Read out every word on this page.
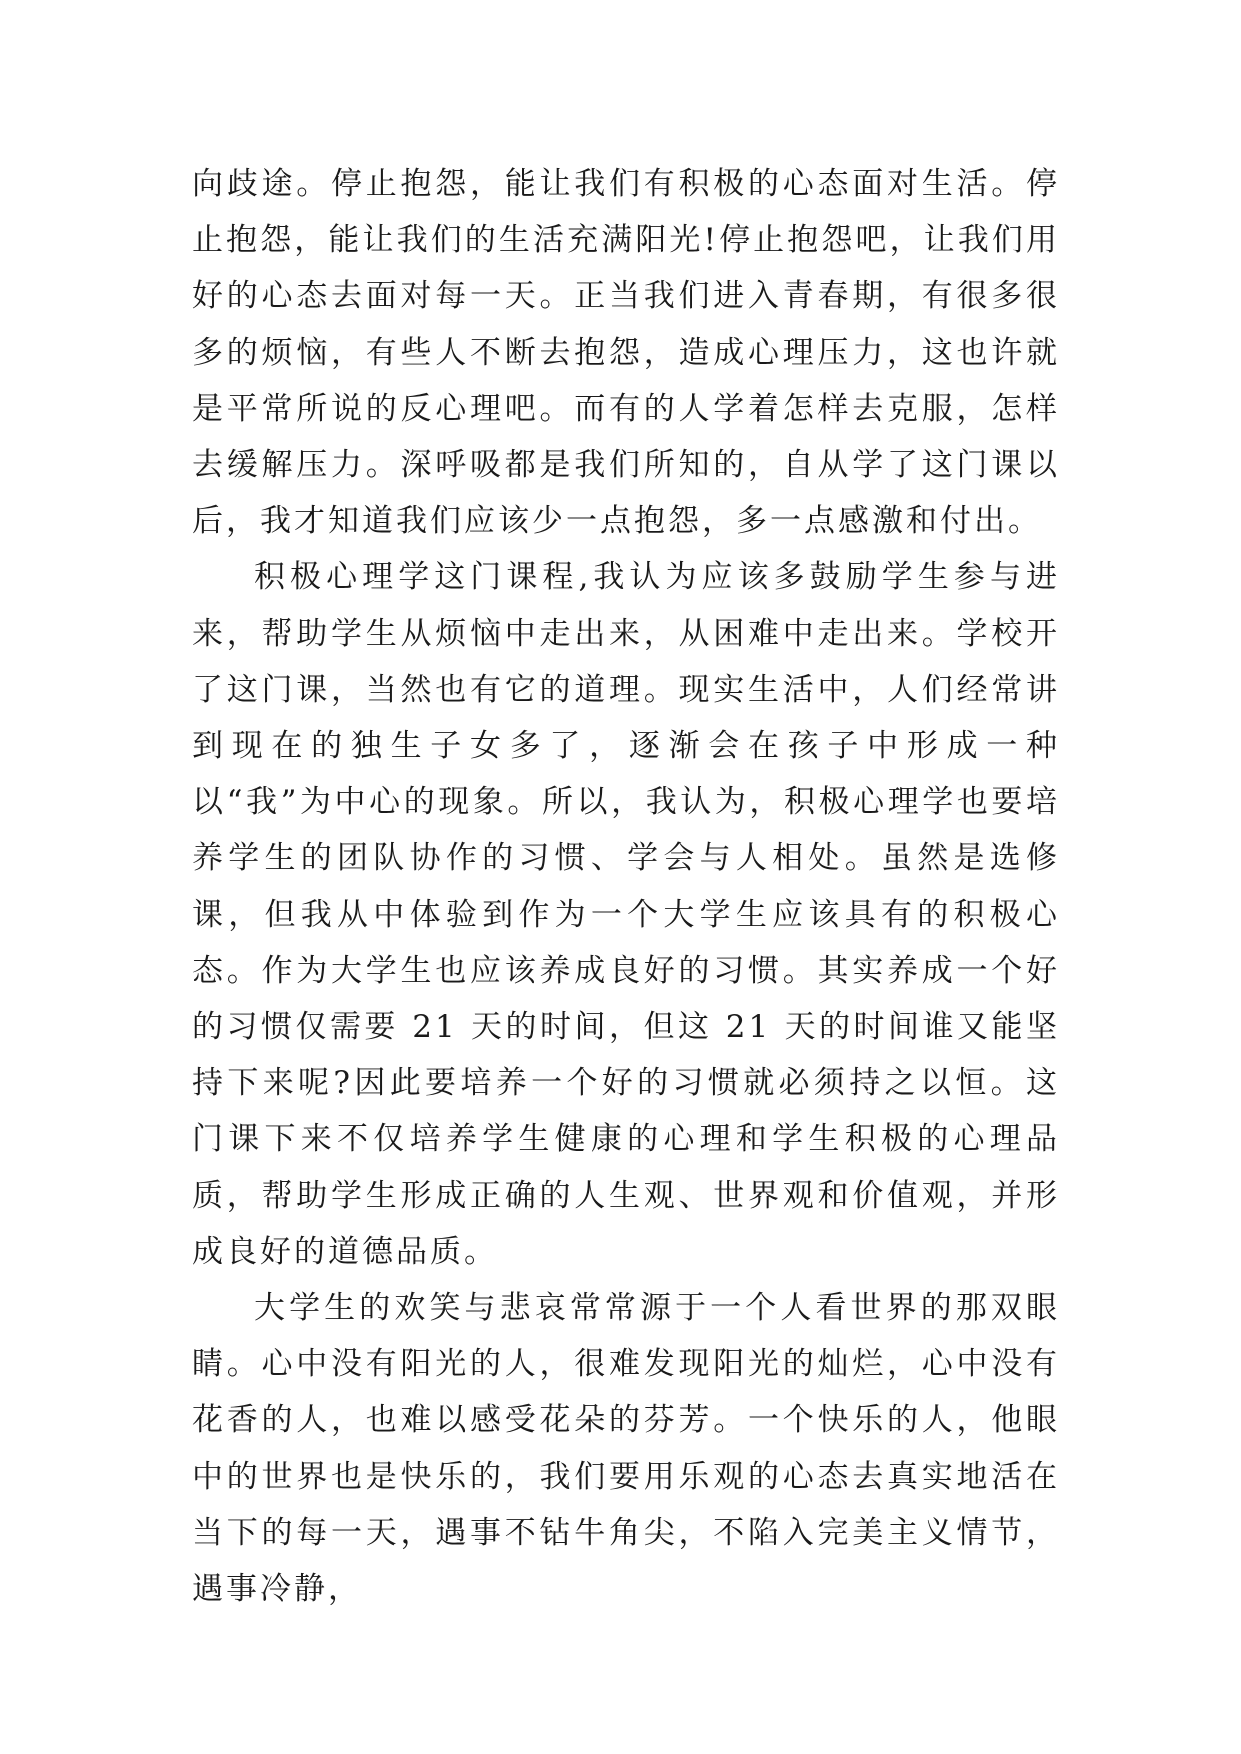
向歧途。停止抱怨，能让我们有积极的心态面对生活。停止抱怨，能让我们的生活充满阳光!停止抱怨吧，让我们用好的心态去面对每一天。正当我们进入青春期，有很多很多的烦恼，有些人不断去抱怨，造成心理压力，这也许就是平常所说的反心理吧。而有的人学着怎样去克服，怎样去缓解压力。深呼吸都是我们所知的，自从学了这门课以后，我才知道我们应该少一点抱怨，多一点感激和付出。

积极心理学这门课程,我认为应该多鼓励学生参与进来，帮助学生从烦恼中走出来，从困难中走出来。学校开了这门课，当然也有它的道理。现实生活中，人们经常讲到现在的独生子女多了，逐渐会在孩子中形成一种以“我”为中心的现象。所以，我认为，积极心理学也要培养学生的团队协作的习惯、学会与人相处。虽然是选修课，但我从中体验到作为一个大学生应该具有的积极心态。作为大学生也应该养成良好的习惯。其实养成一个好的习惯仅需要 21 天的时间，但这 21 天的时间谁又能坚持下来呢?因此要培养一个好的习惯就必须持之以恒。这门课下来不仅培养学生健康的心理和学生积极的心理品质，帮助学生形成正确的人生观、世界观和价值观，并形成良好的道德品质。

大学生的欢笑与悲哀常常源于一个人看世界的那双眼睛。心中没有阳光的人，很难发现阳光的灿烂，心中没有花香的人，也难以感受花朵的芬芳。一个快乐的人，他眼中的世界也是快乐的，我们要用乐观的心态去真实地活在当下的每一天，遇事不钻牛角尖，不陷入完美主义情节，遇事冷静，
